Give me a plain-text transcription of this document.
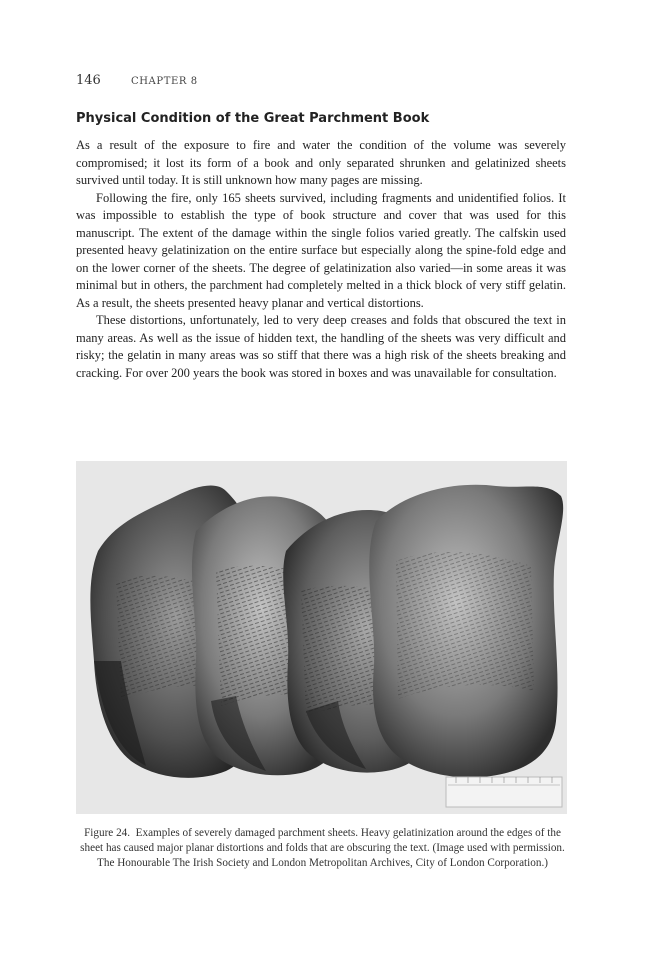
146	CHAPTER 8
Physical Condition of the Great Parchment Book

As a result of the exposure to fire and water the condition of the volume was severely compromised; it lost its form of a book and only separated shrunken and gelatinized sheets survived until today. It is still unknown how many pages are missing.

Following the fire, only 165 sheets survived, including fragments and unidentified folios. It was impossible to establish the type of book structure and cover that was used for this manuscript. The extent of the damage within the single folios varied greatly. The calfskin used presented heavy gelatinization on the entire surface but especially along the spine-fold edge and on the lower corner of the sheets. The degree of gelatinization also varied—in some areas it was minimal but in others, the parchment had completely melted in a thick block of very stiff gelatin. As a result, the sheets presented heavy planar and vertical distortions.

These distortions, unfortunately, led to very deep creases and folds that obscured the text in many areas. As well as the issue of hidden text, the handling of the sheets was very difficult and risky; the gelatin in many areas was so stiff that there was a high risk of the sheets breaking and cracking. For over 200 years the book was stored in boxes and was unavailable for consultation.

Figure 24.  Examples of severely damaged parchment sheets. Heavy gelatinization around the edges of the sheet has caused major planar distortions and folds that are obscuring the text. (Image used with permission. The Honourable The Irish Society and London Metropolitan Archives, City of London Corporation.)
